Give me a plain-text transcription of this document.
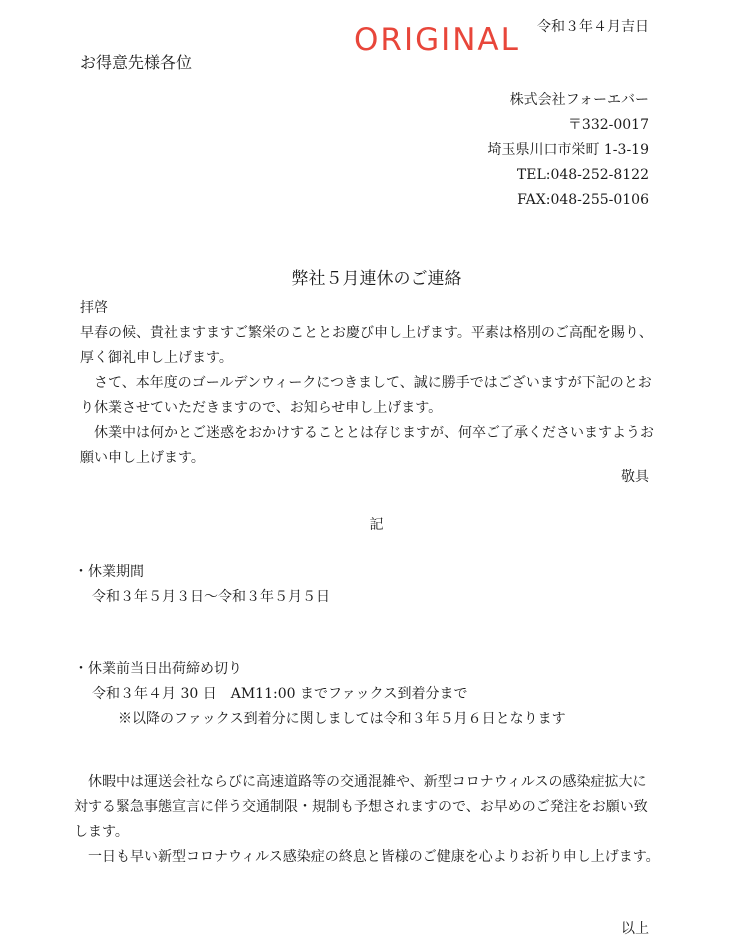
令和３年４月吉日
ORIGINAL
お得意先様各位
株式会社フォーエバー
〒332-0017
埼玉県川口市栄町 1-3-19
TEL:048-252-8122
FAX:048-255-0106
弊社５月連休のご連絡
拝啓

早春の候、貴社ますますご繁栄のこととお慶び申し上げます。平素は格別のご高配を賜り、厚く御礼申し上げます。

さて、本年度のゴールデンウィークにつきまして、誠に勝手ではございますが下記のとおり休業させていただきますので、お知らせ申し上げます。

休業中は何かとご迷惑をおかけすることとは存じますが、何卒ご了承くださいますようお願い申し上げます。

敬具
記
・休業期間
令和３年５月３日〜令和３年５月５日
・休業前当日出荷締め切り
令和３年４月 30 日　AM11:00 までファックス到着分まで
※以降のファックス到着分に関しましては令和３年５月６日となります

休暇中は運送会社ならびに高速道路等の交通混雑や、新型コロナウィルスの感染症拡大に対する緊急事態宣言に伴う交通制限・規制も予想されますので、お早めのご発注をお願い致します。

一日も早い新型コロナウィルス感染症の終息と皆様のご健康を心よりお祈り申し上げます。

以上
